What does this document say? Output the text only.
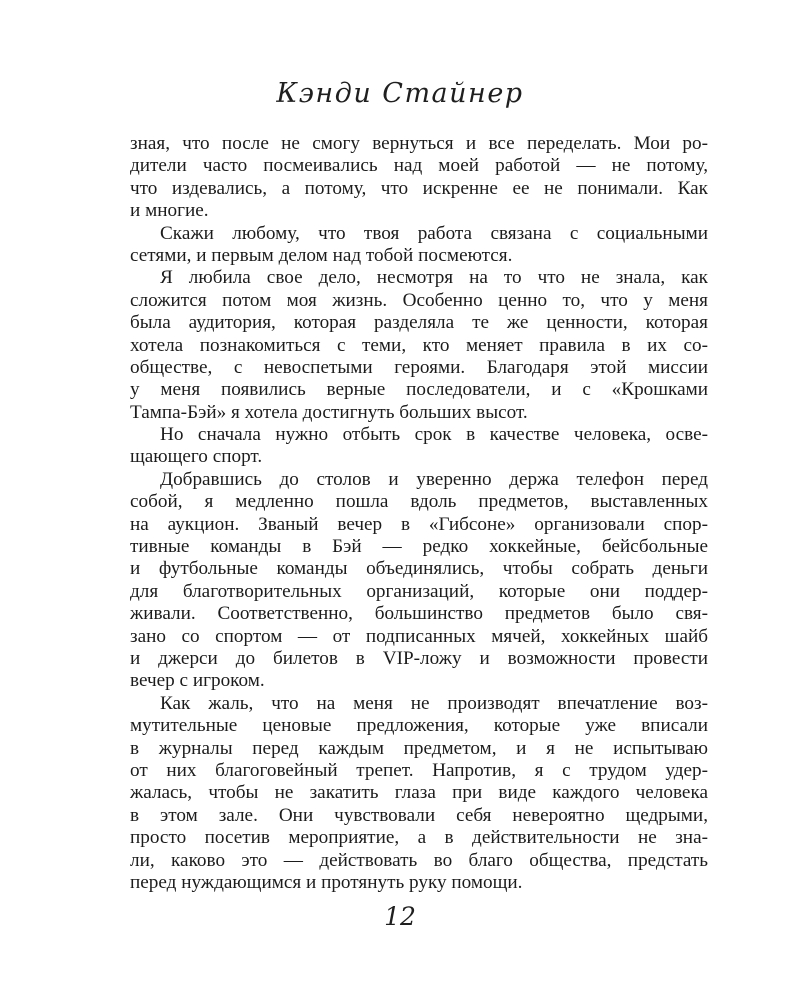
Кэнди Стайнер
зная, что после не смогу вернуться и все переделать. Мои ро-
дители часто посмеивались над моей работой — не потому,
что издевались, а потому, что искренне ее не понимали. Как
и многие.
Скажи любому, что твоя работа связана с социальными
сетями, и первым делом над тобой посмеются.
Я любила свое дело, несмотря на то что не знала, как
сложится потом моя жизнь. Особенно ценно то, что у меня
была аудитория, которая разделяла те же ценности, которая
хотела познакомиться с теми, кто меняет правила в их со-
обществе, с невоспетыми героями. Благодаря этой миссии
у меня появились верные последователи, и с «Крошками
Тампа-Бэй» я хотела достигнуть больших высот.
Но сначала нужно отбыть срок в качестве человека, осве-
щающего спорт.
Добравшись до столов и уверенно держа телефон перед
собой, я медленно пошла вдоль предметов, выставленных
на аукцион. Званый вечер в «Гибсоне» организовали спор-
тивные команды в Бэй — редко хоккейные, бейсбольные
и футбольные команды объединялись, чтобы собрать деньги
для благотворительных организаций, которые они поддер-
живали. Соответственно, большинство предметов было свя-
зано со спортом — от подписанных мячей, хоккейных шайб
и джерси до билетов в VIP-ложу и возможности провести
вечер с игроком.
Как жаль, что на меня не производят впечатление воз-
мутительные ценовые предложения, которые уже вписали
в журналы перед каждым предметом, и я не испытываю
от них благоговейный трепет. Напротив, я с трудом удер-
жалась, чтобы не закатить глаза при виде каждого человека
в этом зале. Они чувствовали себя невероятно щедрыми,
просто посетив мероприятие, а в действительности не зна-
ли, каково это — действовать во благо общества, предстать
перед нуждающимся и протянуть руку помощи.
12
